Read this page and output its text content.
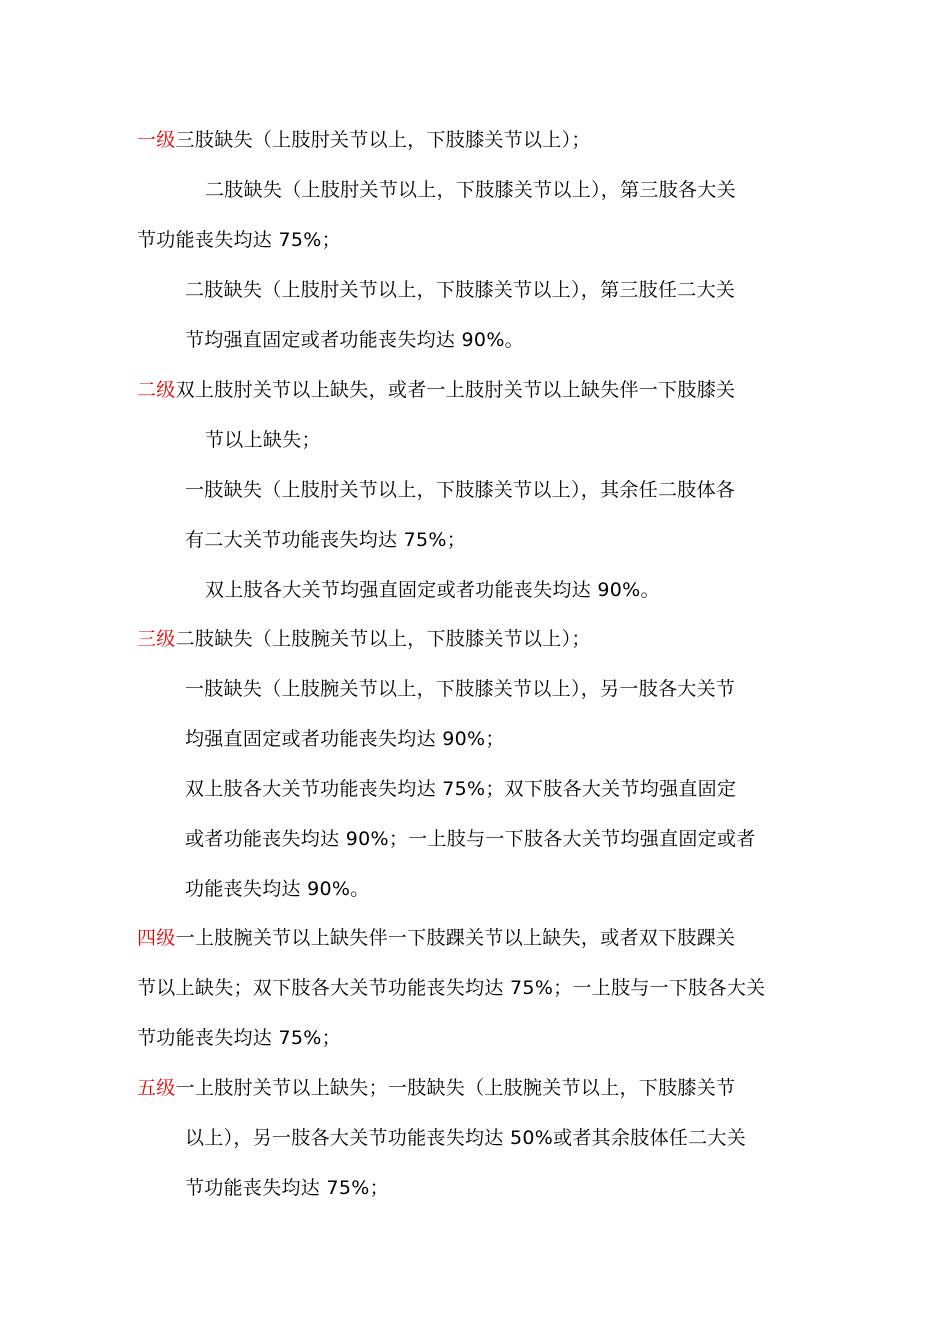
一级三肢缺失（上肢肘关节以上，下肢膝关节以上）；
二肢缺失（上肢肘关节以上，下肢膝关节以上），第三肢各大关
节功能丧失均达 75%；
二肢缺失（上肢肘关节以上，下肢膝关节以上），第三肢任二大关
节均强直固定或者功能丧失均达 90%。
二级双上肢肘关节以上缺失，或者一上肢肘关节以上缺失伴一下肢膝关
节以上缺失；
一肢缺失（上肢肘关节以上，下肢膝关节以上），其余任二肢体各
有二大关节功能丧失均达 75%；
双上肢各大关节均强直固定或者功能丧失均达 90%。
三级二肢缺失（上肢腕关节以上，下肢膝关节以上）；
一肢缺失（上肢腕关节以上，下肢膝关节以上），另一肢各大关节
均强直固定或者功能丧失均达 90%；
双上肢各大关节功能丧失均达 75%；双下肢各大关节均强直固定
或者功能丧失均达 90%；一上肢与一下肢各大关节均强直固定或者
功能丧失均达 90%。
四级一上肢腕关节以上缺失伴一下肢踝关节以上缺失，或者双下肢踝关
节以上缺失；双下肢各大关节功能丧失均达 75%；一上肢与一下肢各大关
节功能丧失均达 75%；
五级一上肢肘关节以上缺失；一肢缺失（上肢腕关节以上，下肢膝关节
以上），另一肢各大关节功能丧失均达 50%或者其余肢体任二大关
节功能丧失均达 75%；
